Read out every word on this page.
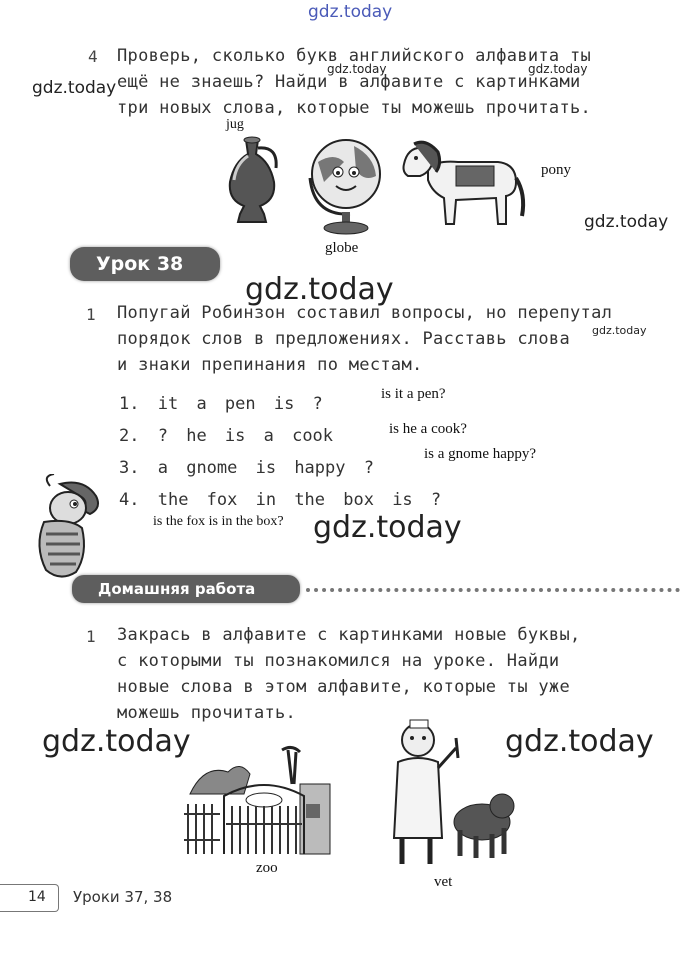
gdz.today
gdz.today
gdz.today	gdz.today
gdz.today
gdz.today
gdz.today
gdz.today
gdz.today	gdz.today
4 Проверь, сколько букв английского алфавита ты
ещё не знаешь? Найди в алфавите с картинками
три новых слова, которые ты можешь прочитать.
jug
globe
pony
Урок 38
1 Попугай Робинзон составил вопросы, но перепутал
порядок слов в предложениях. Расставь слова
и знаки препинания по местам.
1. it a pen is ?	is it a pen?
2. ? he is a cook	is he a cook?
3. a gnome is happy ?
is a gnome happy?
4. the fox in the box is ?
is the fox is in the box?
Домашняя работа
1 Закрась в алфавите с картинками новые буквы,
с которыми ты познакомился на уроке. Найди
новые слова в этом алфавите, которые ты уже
можешь прочитать.
zoo
vet
14 Уроки 37, 38
